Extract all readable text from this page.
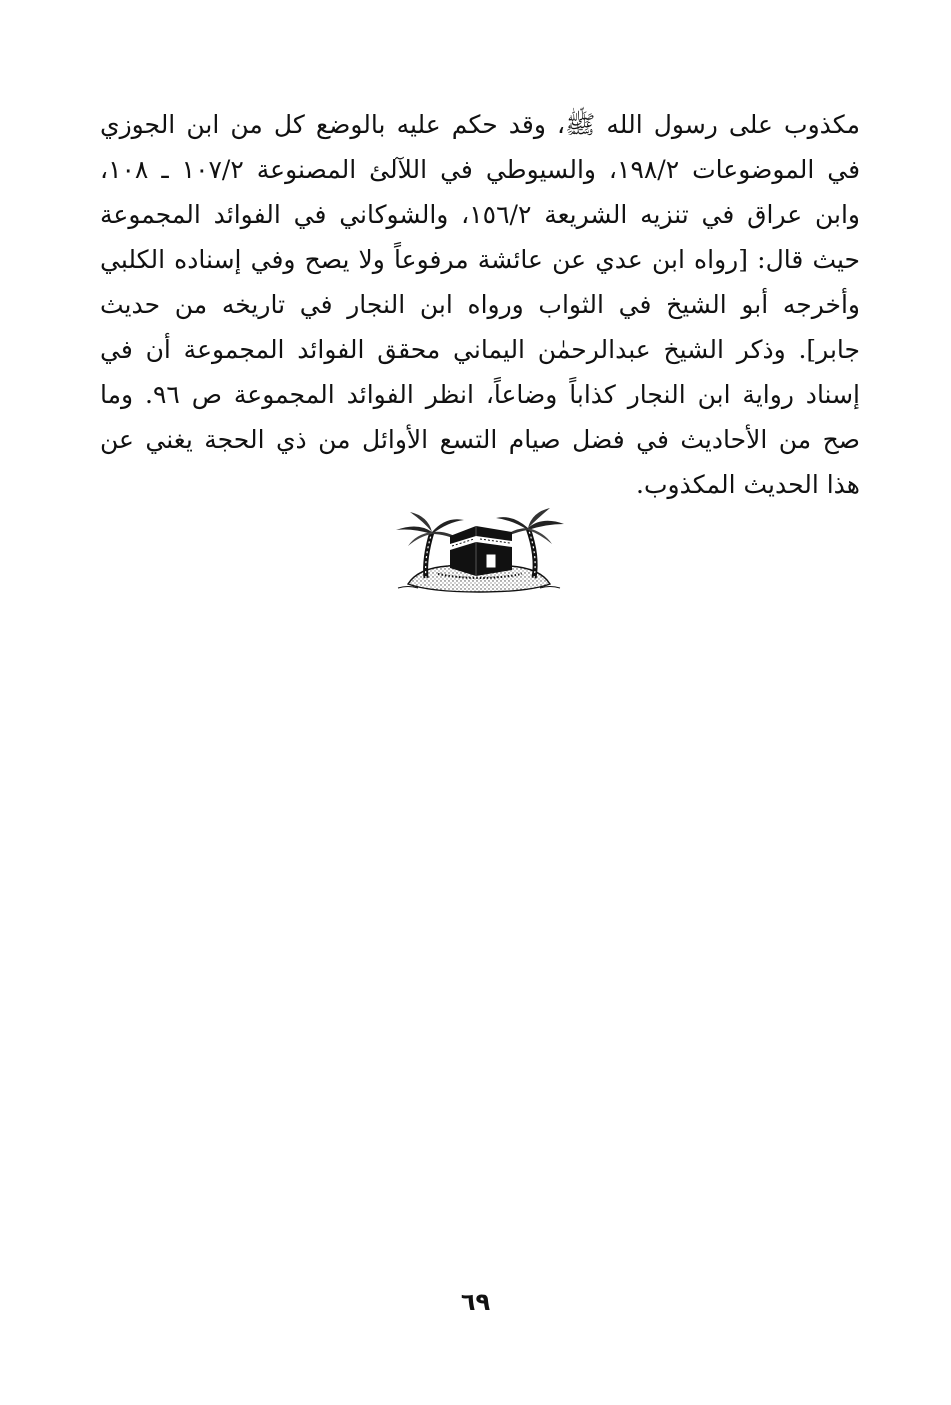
مكذوب على رسول الله ﷺ، وقد حكم عليه بالوضع كل من ابن الجوزي
في الموضوعات ١٩٨/٢، والسيوطي في اللآلئ المصنوعة ١٠٧/٢ ـ ١٠٨،
وابن عراق في تنزيه الشريعة ١٥٦/٢، والشوكاني في الفوائد المجموعة
حيث قال: [رواه ابن عدي عن عائشة مرفوعاً ولا يصح وفي إسناده الكلبي
وأخرجه أبو الشيخ في الثواب ورواه ابن النجار في تاريخه من حديث
جابر]. وذكر الشيخ عبدالرحمٰن اليماني محقق الفوائد المجموعة أن في
إسناد رواية ابن النجار كذاباً وضاعاً، انظر الفوائد المجموعة ص ٩٦. وما
صح من الأحاديث في فضل صيام التسع الأوائل من ذي الحجة يغني عن
هذا الحديث المكذوب.
٦٩
